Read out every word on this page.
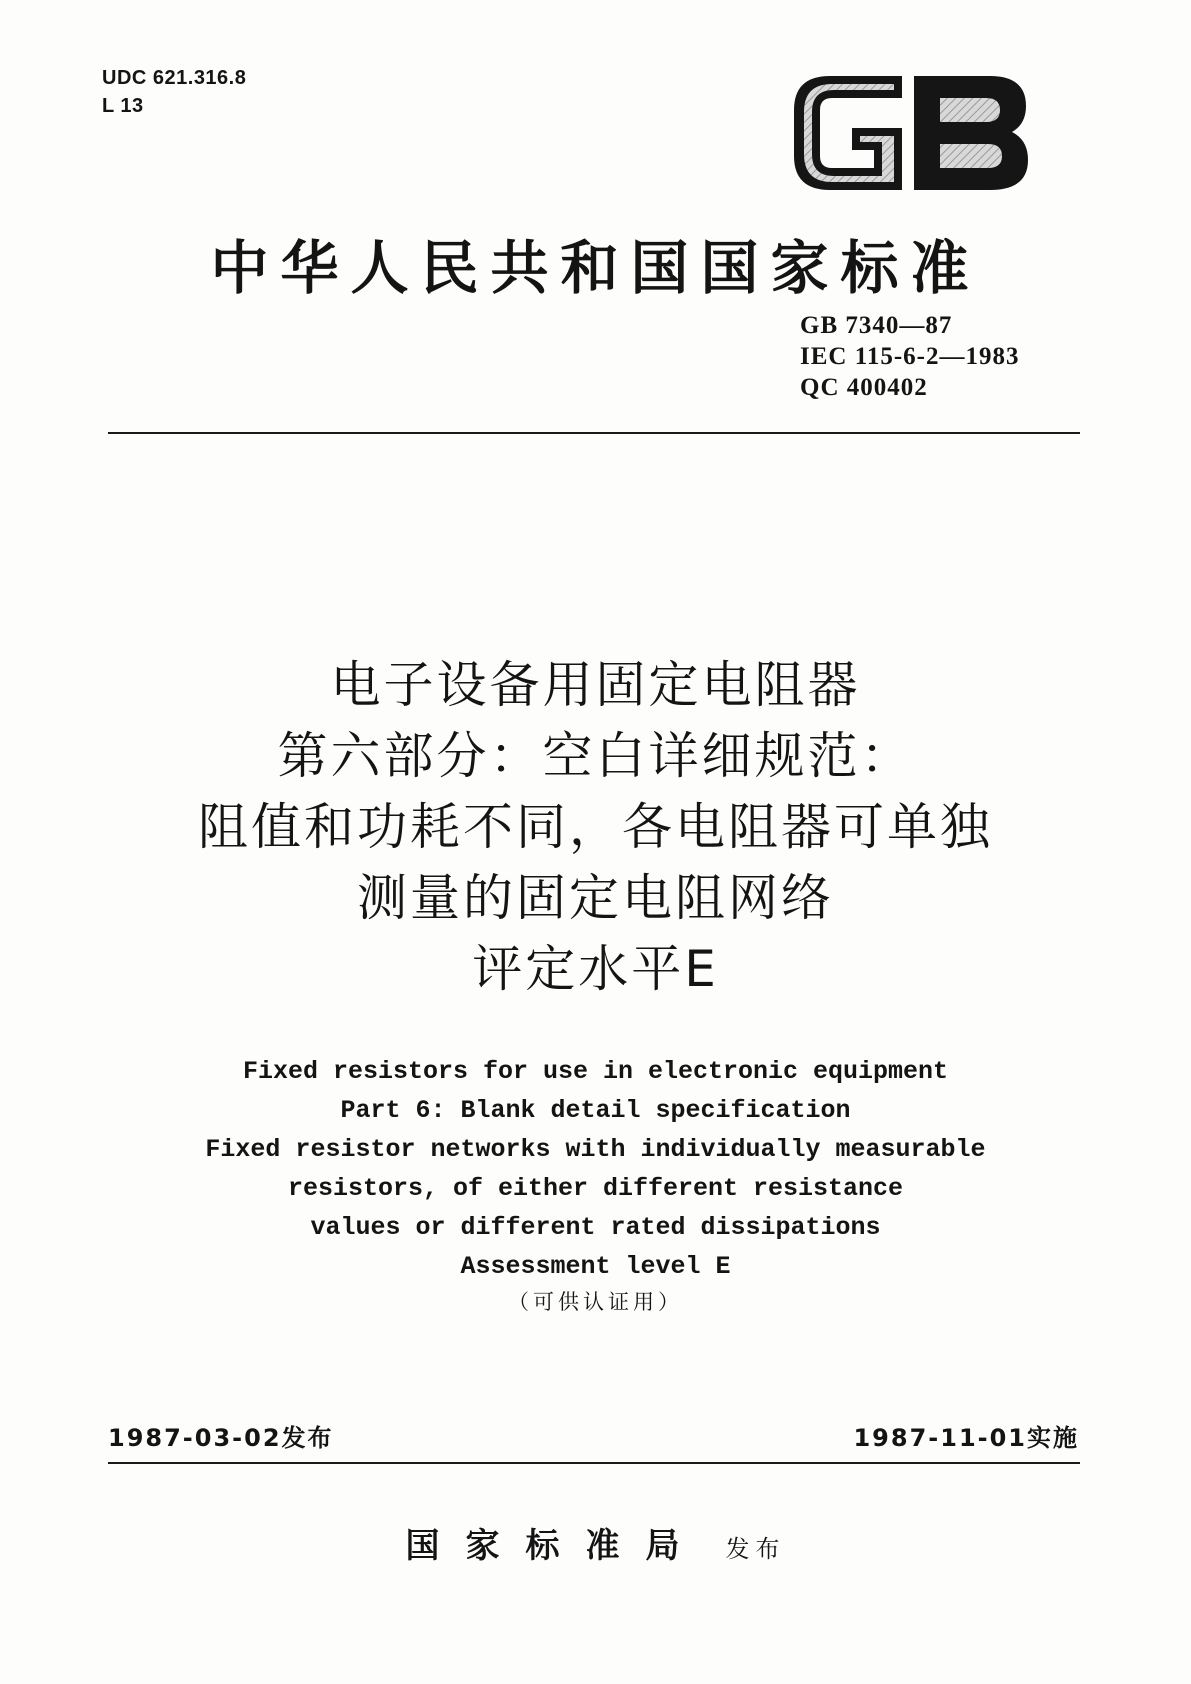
UDC 621.316.8
L 13
中华人民共和国国家标准
GB 7340—87
IEC 115-6-2—1983
QC 400402
电子设备用固定电阻器
第六部分：空白详细规范：
阻值和功耗不同，各电阻器可单独
测量的固定电阻网络
评定水平E
Fixed resistors for use in electronic equipment
Part 6: Blank detail specification
Fixed resistor networks with individually measurable
resistors, of either different resistance
values or different rated dissipations
Assessment level E
（可供认证用）
1987-03-02发布	1987-11-01实施
国家标准局 发布
